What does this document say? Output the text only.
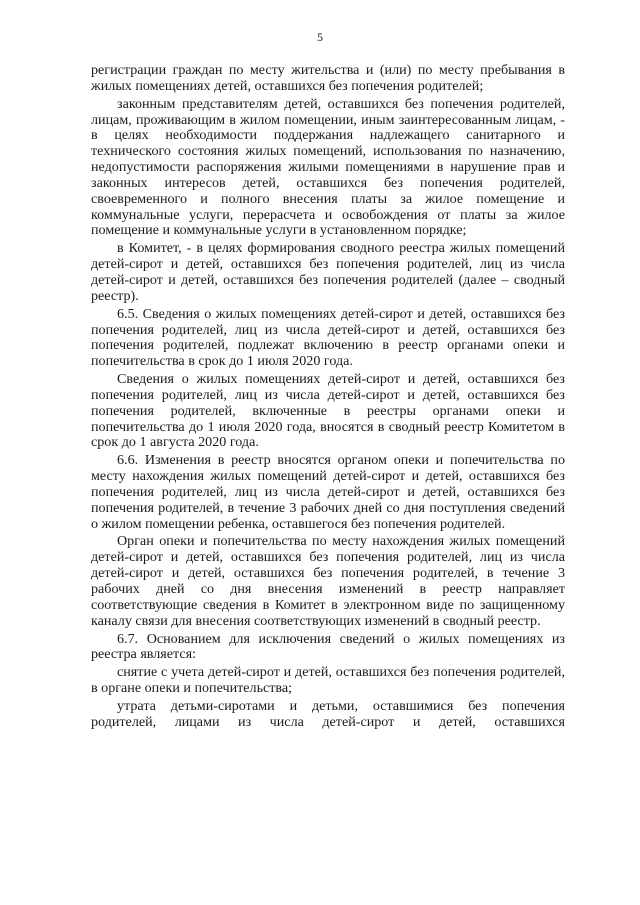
5

регистрации граждан по месту жительства и (или) по месту пребывания в жилых помещениях детей, оставшихся без попечения родителей;

законным представителям детей, оставшихся без попечения родителей, лицам, проживающим в жилом помещении, иным заинтересованным лицам, - в целях необходимости поддержания надлежащего санитарного и технического состояния жилых помещений, использования по назначению, недопустимости распоряжения жилыми помещениями в нарушение прав и законных интересов детей, оставшихся без попечения родителей, своевременного и полного внесения платы за жилое помещение и коммунальные услуги, перерасчета и освобождения от платы за жилое помещение и коммунальные услуги в установленном порядке;

в Комитет, - в целях формирования сводного реестра жилых помещений детей-сирот и детей, оставшихся без попечения родителей, лиц из числа детей-сирот и детей, оставшихся без попечения родителей (далее – сводный реестр).

6.5. Сведения о жилых помещениях детей-сирот и детей, оставшихся без попечения родителей, лиц из числа детей-сирот и детей, оставшихся без попечения родителей, подлежат включению в реестр органами опеки и попечительства в срок до 1 июля 2020 года.

Сведения о жилых помещениях детей-сирот и детей, оставшихся без попечения родителей, лиц из числа детей-сирот и детей, оставшихся без попечения родителей, включенные в реестры органами опеки и попечительства до 1 июля 2020 года, вносятся в сводный реестр Комитетом в срок до 1 августа 2020 года.

6.6. Изменения в реестр вносятся органом опеки и попечительства по месту нахождения жилых помещений детей-сирот и детей, оставшихся без попечения родителей, лиц из числа детей-сирот и детей, оставшихся без попечения родителей, в течение 3 рабочих дней со дня поступления сведений о жилом помещении ребенка, оставшегося без попечения родителей.

Орган опеки и попечительства по месту нахождения жилых помещений детей-сирот и детей, оставшихся без попечения родителей, лиц из числа детей-сирот и детей, оставшихся без попечения родителей, в течение 3 рабочих дней со дня внесения изменений в реестр направляет соответствующие сведения в Комитет в электронном виде по защищенному каналу связи для внесения соответствующих изменений в сводный реестр.

6.7. Основанием для исключения сведений о жилых помещениях из реестра является:

снятие с учета детей-сирот и детей, оставшихся без попечения родителей, в органе опеки и попечительства;

утрата детьми-сиротами и детьми, оставшимися без попечения родителей, лицами из числа детей-сирот и детей, оставшихся
